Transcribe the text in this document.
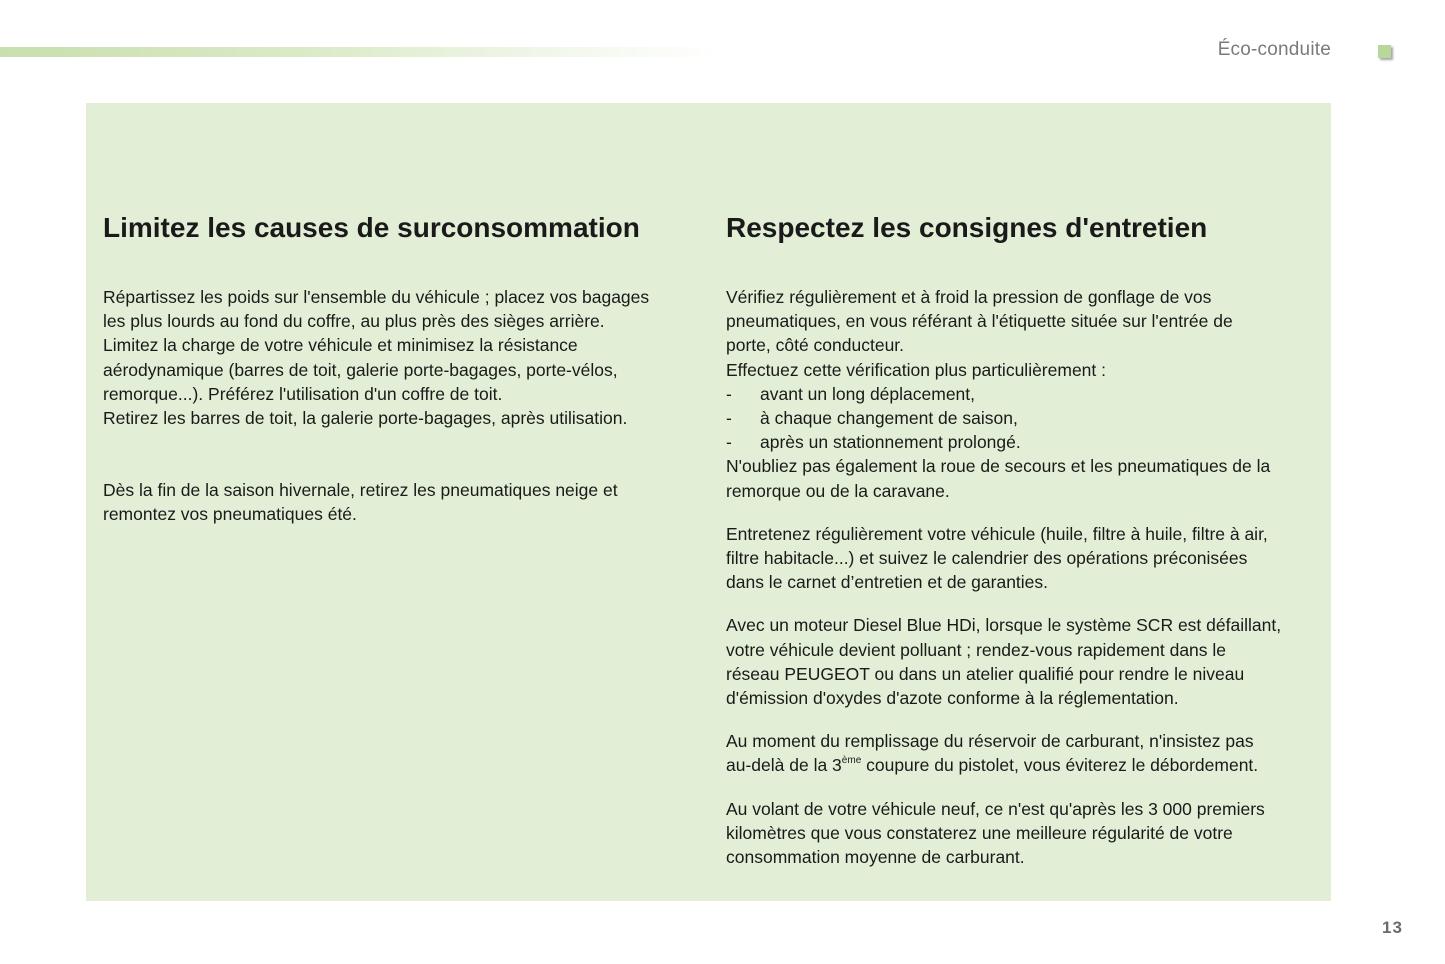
Éco-conduite
Limitez les causes de surconsommation

Répartissez les poids sur l'ensemble du véhicule ; placez vos bagages
les plus lourds au fond du coffre, au plus près des sièges arrière.
Limitez la charge de votre véhicule et minimisez la résistance
aérodynamique (barres de toit, galerie porte-bagages, porte-vélos,
remorque...). Préférez l'utilisation d'un coffre de toit.
Retirez les barres de toit, la galerie porte-bagages, après utilisation.

Dès la fin de la saison hivernale, retirez les pneumatiques neige et
remontez vos pneumatiques été.

Respectez les consignes d'entretien

Vérifiez régulièrement et à froid la pression de gonflage de vos
pneumatiques, en vous référant à l'étiquette située sur l'entrée de
porte, côté conducteur.
Effectuez cette vérification plus particulièrement :
- avant un long déplacement,
- à chaque changement de saison,
- après un stationnement prolongé.
N'oubliez pas également la roue de secours et les pneumatiques de la
remorque ou de la caravane.

Entretenez régulièrement votre véhicule (huile, filtre à huile, filtre à air,
filtre habitacle...) et suivez le calendrier des opérations préconisées
dans le carnet d’entretien et de garanties.

Avec un moteur Diesel Blue HDi, lorsque le système SCR est défaillant,
votre véhicule devient polluant ; rendez-vous rapidement dans le
réseau PEUGEOT ou dans un atelier qualifié pour rendre le niveau
d'émission d'oxydes d'azote conforme à la réglementation.

Au moment du remplissage du réservoir de carburant, n'insistez pas
au-delà de la 3ème coupure du pistolet, vous éviterez le débordement.

Au volant de votre véhicule neuf, ce n'est qu'après les 3 000 premiers
kilomètres que vous constaterez une meilleure régularité de votre
consommation moyenne de carburant.

13
